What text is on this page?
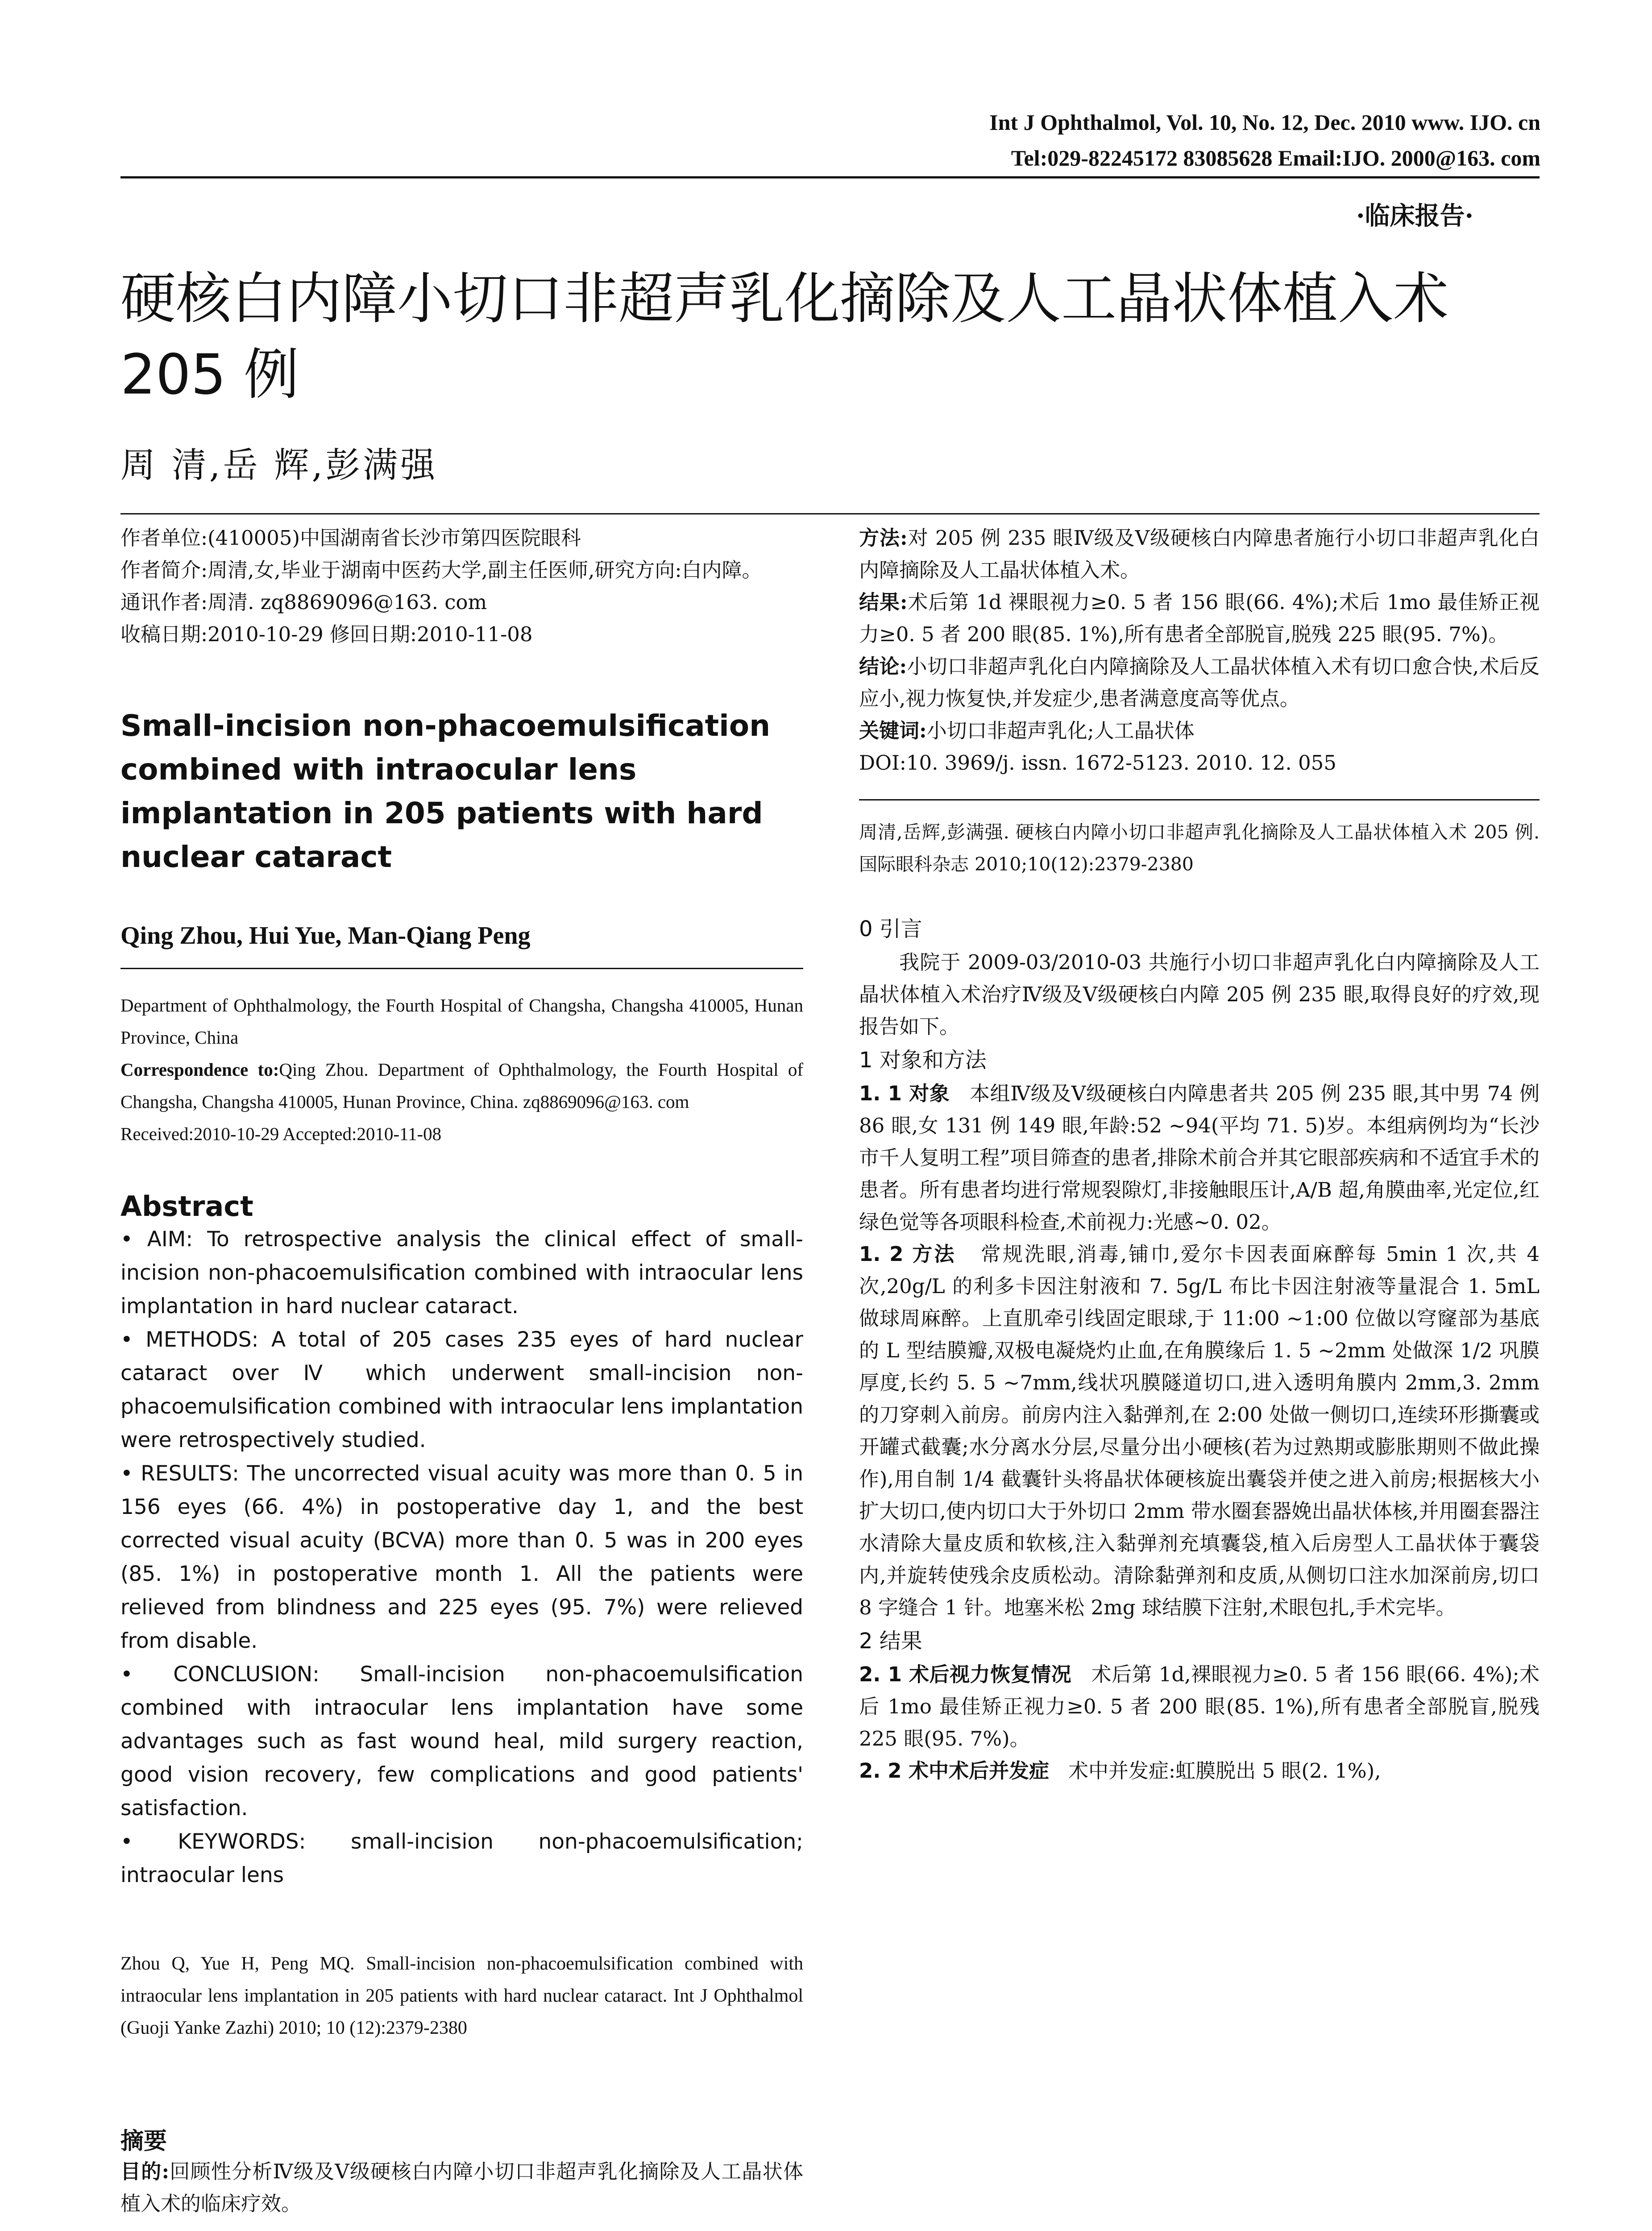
Int J Ophthalmol, Vol. 10, No. 12, Dec. 2010 www. IJO. cn
Tel:029-82245172 83085628 Email:IJO. 2000@163. com
·临床报告·
硬核白内障小切口非超声乳化摘除及人工晶状体植入术 205 例
周 清,岳 辉,彭满强

作者单位:(410005)中国湖南省长沙市第四医院眼科

作者简介:周清,女,毕业于湖南中医药大学,副主任医师,研究方向:白内障。

通讯作者:周清. zq8869096@163. com

收稿日期:2010-10-29 修回日期:2010-11-08

Small-incision non-phacoemulsification combined with intraocular lens implantation in 205 patients with hard nuclear cataract
Qing Zhou, Hui Yue, Man-Qiang Peng

Department of Ophthalmology, the Fourth Hospital of Changsha, Changsha 410005, Hunan Province, China

Correspondence to:Qing Zhou. Department of Ophthalmology, the Fourth Hospital of Changsha, Changsha 410005, Hunan Province, China. zq8869096@163. com

Received:2010-10-29 Accepted:2010-11-08

Abstract

• AIM: To retrospective analysis the clinical effect of small-incision non-phacoemulsification combined with intraocular lens implantation in hard nuclear cataract.

• METHODS: A total of 205 cases 235 eyes of hard nuclear cataract over Ⅳ which underwent small-incision non-phacoemulsification combined with intraocular lens implantation were retrospectively studied.

• RESULTS: The uncorrected visual acuity was more than 0. 5 in 156 eyes (66. 4%) in postoperative day 1, and the best corrected visual acuity (BCVA) more than 0. 5 was in 200 eyes (85. 1%) in postoperative month 1. All the patients were relieved from blindness and 225 eyes (95. 7%) were relieved from disable.

• CONCLUSION: Small-incision non-phacoemulsification combined with intraocular lens implantation have some advantages such as fast wound heal, mild surgery reaction, good vision recovery, few complications and good patients' satisfaction.

• KEYWORDS: small-incision non-phacoemulsification; intraocular lens

Zhou Q, Yue H, Peng MQ. Small-incision non-phacoemulsification combined with intraocular lens implantation in 205 patients with hard nuclear cataract. Int J Ophthalmol (Guoji Yanke Zazhi) 2010; 10 (12):2379-2380
摘要

目的:回顾性分析Ⅳ级及Ⅴ级硬核白内障小切口非超声乳化摘除及人工晶状体植入术的临床疗效。

方法:对 205 例 235 眼Ⅳ级及Ⅴ级硬核白内障患者施行小切口非超声乳化白内障摘除及人工晶状体植入术。

结果:术后第 1d 裸眼视力≥0. 5 者 156 眼(66. 4%);术后 1mo 最佳矫正视力≥0. 5 者 200 眼(85. 1%),所有患者全部脱盲,脱残 225 眼(95. 7%)。

结论:小切口非超声乳化白内障摘除及人工晶状体植入术有切口愈合快,术后反应小,视力恢复快,并发症少,患者满意度高等优点。

关键词:小切口非超声乳化;人工晶状体

DOI:10. 3969/j. issn. 1672-5123. 2010. 12. 055

周清,岳辉,彭满强. 硬核白内障小切口非超声乳化摘除及人工晶状体植入术 205 例. 国际眼科杂志 2010;10(12):2379-2380

0 引言

我院于 2009-03/2010-03 共施行小切口非超声乳化白内障摘除及人工晶状体植入术治疗Ⅳ级及Ⅴ级硬核白内障 205 例 235 眼,取得良好的疗效,现报告如下。

1 对象和方法

1. 1 对象 本组Ⅳ级及Ⅴ级硬核白内障患者共 205 例 235 眼,其中男 74 例 86 眼,女 131 例 149 眼,年龄:52 ~94(平均 71. 5)岁。本组病例均为“长沙市千人复明工程”项目筛查的患者,排除术前合并其它眼部疾病和不适宜手术的患者。所有患者均进行常规裂隙灯,非接触眼压计,A/B 超,角膜曲率,光定位,红绿色觉等各项眼科检查,术前视力:光感~0. 02。

1. 2 方法 常规洗眼,消毒,铺巾,爱尔卡因表面麻醉每 5min 1 次,共 4 次,20g/L 的利多卡因注射液和 7. 5g/L 布比卡因注射液等量混合 1. 5mL 做球周麻醉。上直肌牵引线固定眼球,于 11:00 ~1:00 位做以穹窿部为基底的 L 型结膜瓣,双极电凝烧灼止血,在角膜缘后 1. 5 ~2mm 处做深 1/2 巩膜厚度,长约 5. 5 ~7mm,线状巩膜隧道切口,进入透明角膜内 2mm,3. 2mm 的刀穿刺入前房。前房内注入黏弹剂,在 2:00 处做一侧切口,连续环形撕囊或开罐式截囊;水分离水分层,尽量分出小硬核(若为过熟期或膨胀期则不做此操作),用自制 1/4 截囊针头将晶状体硬核旋出囊袋并使之进入前房;根据核大小扩大切口,使内切口大于外切口 2mm 带水圈套器娩出晶状体核,并用圈套器注水清除大量皮质和软核,注入黏弹剂充填囊袋,植入后房型人工晶状体于囊袋内,并旋转使残余皮质松动。清除黏弹剂和皮质,从侧切口注水加深前房,切口 8 字缝合 1 针。地塞米松 2mg 球结膜下注射,术眼包扎,手术完毕。

2 结果

2. 1 术后视力恢复情况 术后第 1d,裸眼视力≥0. 5 者 156 眼(66. 4%);术后 1mo 最佳矫正视力≥0. 5 者 200 眼(85. 1%),所有患者全部脱盲,脱残 225 眼(95. 7%)。

2. 2 术中术后并发症 术中并发症:虹膜脱出 5 眼(2. 1%),
